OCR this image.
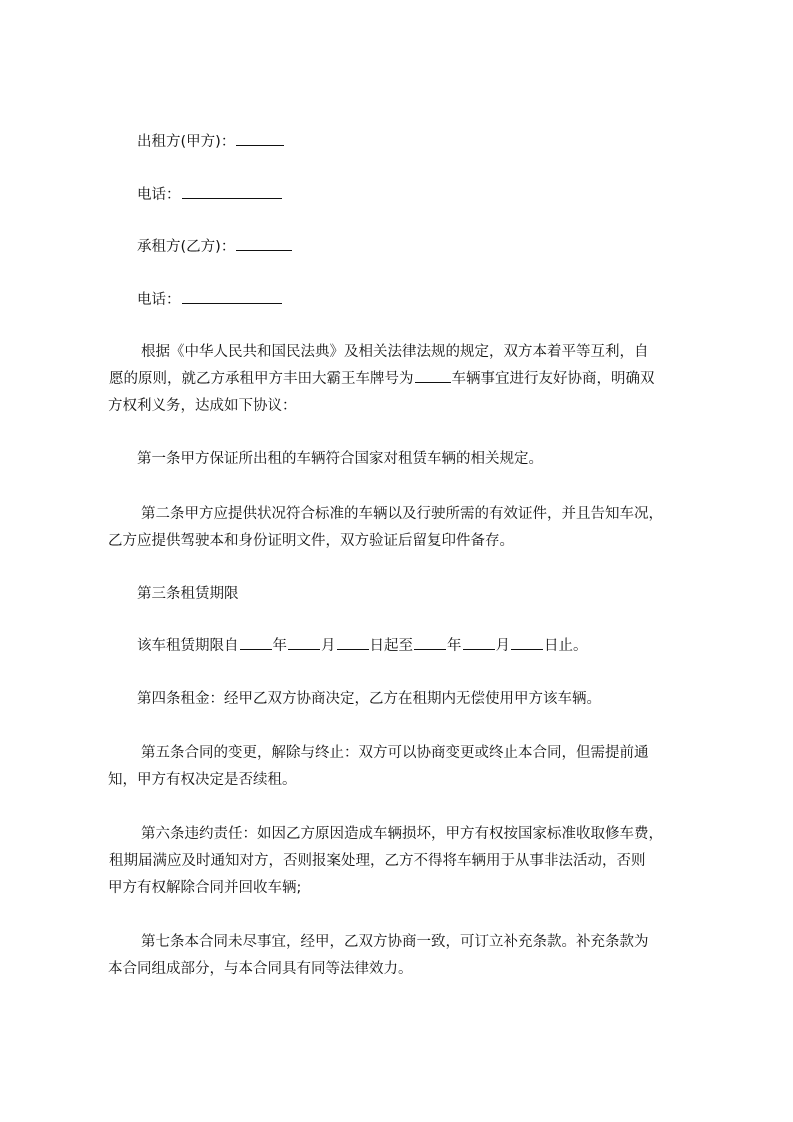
出租方(甲方)：
电话：
承租方(乙方)：
电话：
根据《中华人民共和国民法典》及相关法律法规的规定，双方本着平等互利，自
愿的原则，就乙方承租甲方丰田大霸王车牌号为	车辆事宜进行友好协商，明确双
方权利义务，达成如下协议：
第一条甲方保证所出租的车辆符合国家对租赁车辆的相关规定。
第二条甲方应提供状况符合标准的车辆以及行驶所需的有效证件，并且告知车况，
乙方应提供驾驶本和身份证明文件，双方验证后留复印件备存。
第三条租赁期限
该车租赁期限自 年 月 日起至 年 月 日止。
第四条租金：经甲乙双方协商决定，乙方在租期内无偿使用甲方该车辆。
第五条合同的变更，解除与终止：双方可以协商变更或终止本合同，但需提前通
知，甲方有权决定是否续租。
第六条违约责任：如因乙方原因造成车辆损坏，甲方有权按国家标准收取修车费，
租期届满应及时通知对方，否则报案处理，乙方不得将车辆用于从事非法活动，否则
甲方有权解除合同并回收车辆;
第七条本合同未尽事宜，经甲，乙双方协商一致，可订立补充条款。补充条款为
本合同组成部分，与本合同具有同等法律效力。
